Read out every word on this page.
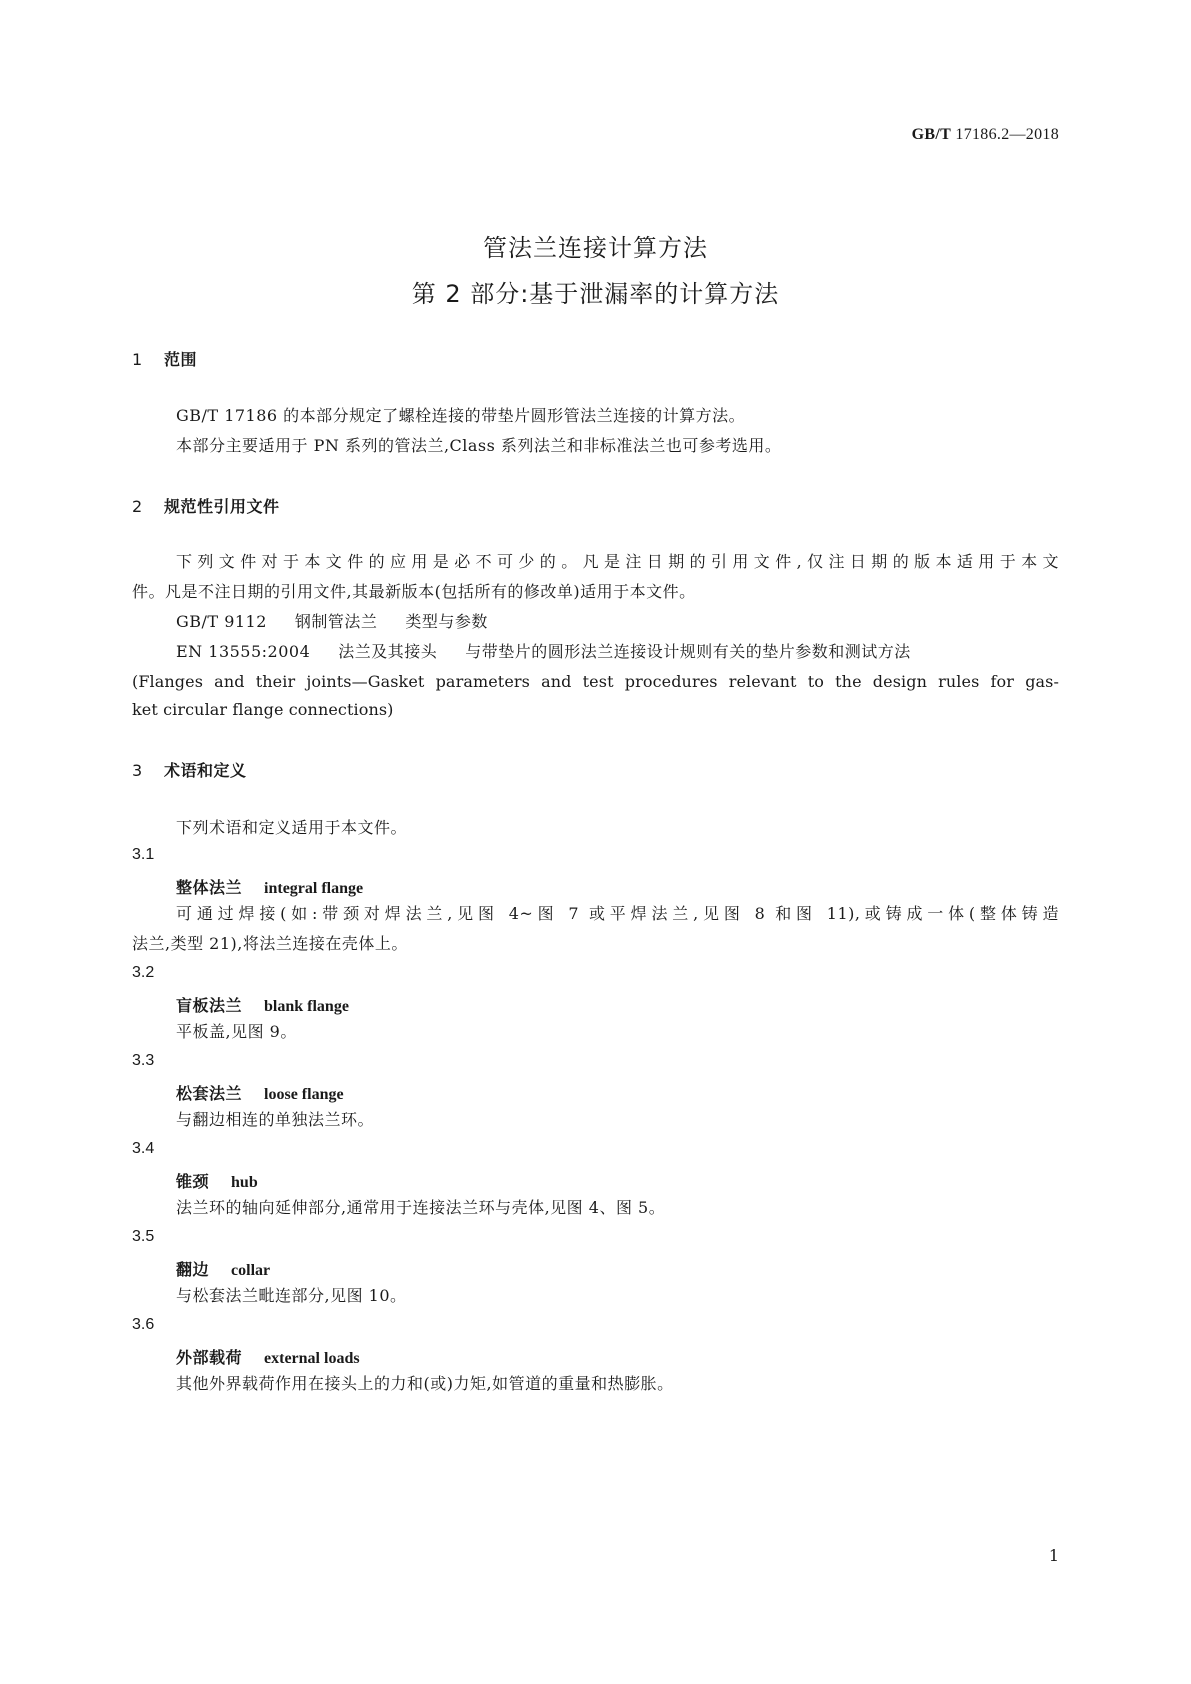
GB/T 17186.2—2018
管法兰连接计算方法
第 2 部分:基于泄漏率的计算方法
1 范围
GB/T 17186 的本部分规定了螺栓连接的带垫片圆形管法兰连接的计算方法。
本部分主要适用于 PN 系列的管法兰,Class 系列法兰和非标准法兰也可参考选用。
2 规范性引用文件
下列文件对于本文件的应用是必不可少的。凡是注日期的引用文件,仅注日期的版本适用于本文
件。凡是不注日期的引用文件,其最新版本(包括所有的修改单)适用于本文件。
GB/T 9112 钢制管法兰 类型与参数
EN 13555:2004 法兰及其接头 与带垫片的圆形法兰连接设计规则有关的垫片参数和测试方法
(Flanges and their joints—Gasket parameters and test procedures relevant to the design rules for gas-
ket circular flange connections)
3 术语和定义
下列术语和定义适用于本文件。
3.1
整体法兰 integral flange
可通过焊接(如:带颈对焊法兰,见图 4~图 7 或平焊法兰,见图 8 和图 11),或铸成一体(整体铸造
法兰,类型 21),将法兰连接在壳体上。
3.2
盲板法兰 blank flange
平板盖,见图 9。
3.3
松套法兰 loose flange
与翻边相连的单独法兰环。
3.4
锥颈 hub
法兰环的轴向延伸部分,通常用于连接法兰环与壳体,见图 4、图 5。
3.5
翻边 collar
与松套法兰毗连部分,见图 10。
3.6
外部载荷 external loads
其他外界载荷作用在接头上的力和(或)力矩,如管道的重量和热膨胀。
1
